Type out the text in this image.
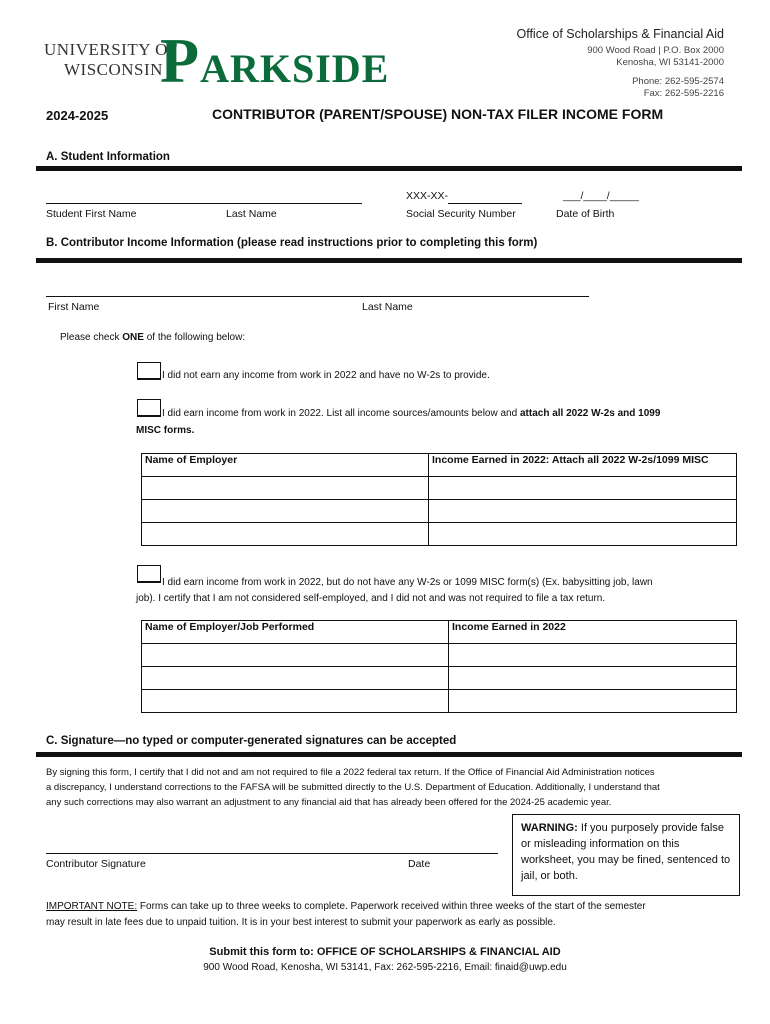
UNIVERSITY OF
WISCONSIN
PARKSIDE
Office of Scholarships & Financial Aid
900 Wood Road | P.O. Box 2000
Kenosha, WI 53141-2000
Phone: 262-595-2574
Fax: 262-595-2216
2024-2025	CONTRIBUTOR (PARENT/SPOUSE) NON-TAX FILER INCOME FORM
A. Student Information
Student First Name	Last Name
XXX-XX-
Social Security Number
___/____/_____
Date of Birth
B. Contributor Income Information (please read instructions prior to completing this form)
First Name	Last Name
Please check ONE of the following below:
I did not earn any income from work in 2022 and have no W-2s to provide.
I did earn income from work in 2022. List all income sources/amounts below and attach all 2022 W-2s and 1099
MISC forms.
Name of Employer	Income Earned in 2022: Attach all 2022 W-2s/1099 MISC

I did earn income from work in 2022, but do not have any W-2s or 1099 MISC form(s) (Ex. babysitting job, lawn
job). I certify that I am not considered self-employed, and I did not and was not required to file a tax return.
Name of Employer/Job Performed	Income Earned in 2022

C. Signature—no typed or computer-generated signatures can be accepted
By signing this form, I certify that I did not and am not required to file a 2022 federal tax return. If the Office of Financial Aid Administration notices
a discrepancy, I understand corrections to the FAFSA will be submitted directly to the U.S. Department of Education. Additionally, I understand that
any such corrections may also warrant an adjustment to any financial aid that has already been offered for the 2024-25 academic year.
Contributor Signature	Date
WARNING: If you purposely provide false or misleading information on this worksheet, you may be fined, sentenced to jail, or both.
IMPORTANT NOTE: Forms can take up to three weeks to complete. Paperwork received within three weeks of the start of the semester
may result in late fees due to unpaid tuition. It is in your best interest to submit your paperwork as early as possible.
Submit this form to: OFFICE OF SCHOLARSHIPS & FINANCIAL AID
900 Wood Road, Kenosha, WI 53141, Fax: 262-595-2216, Email: finaid@uwp.edu
